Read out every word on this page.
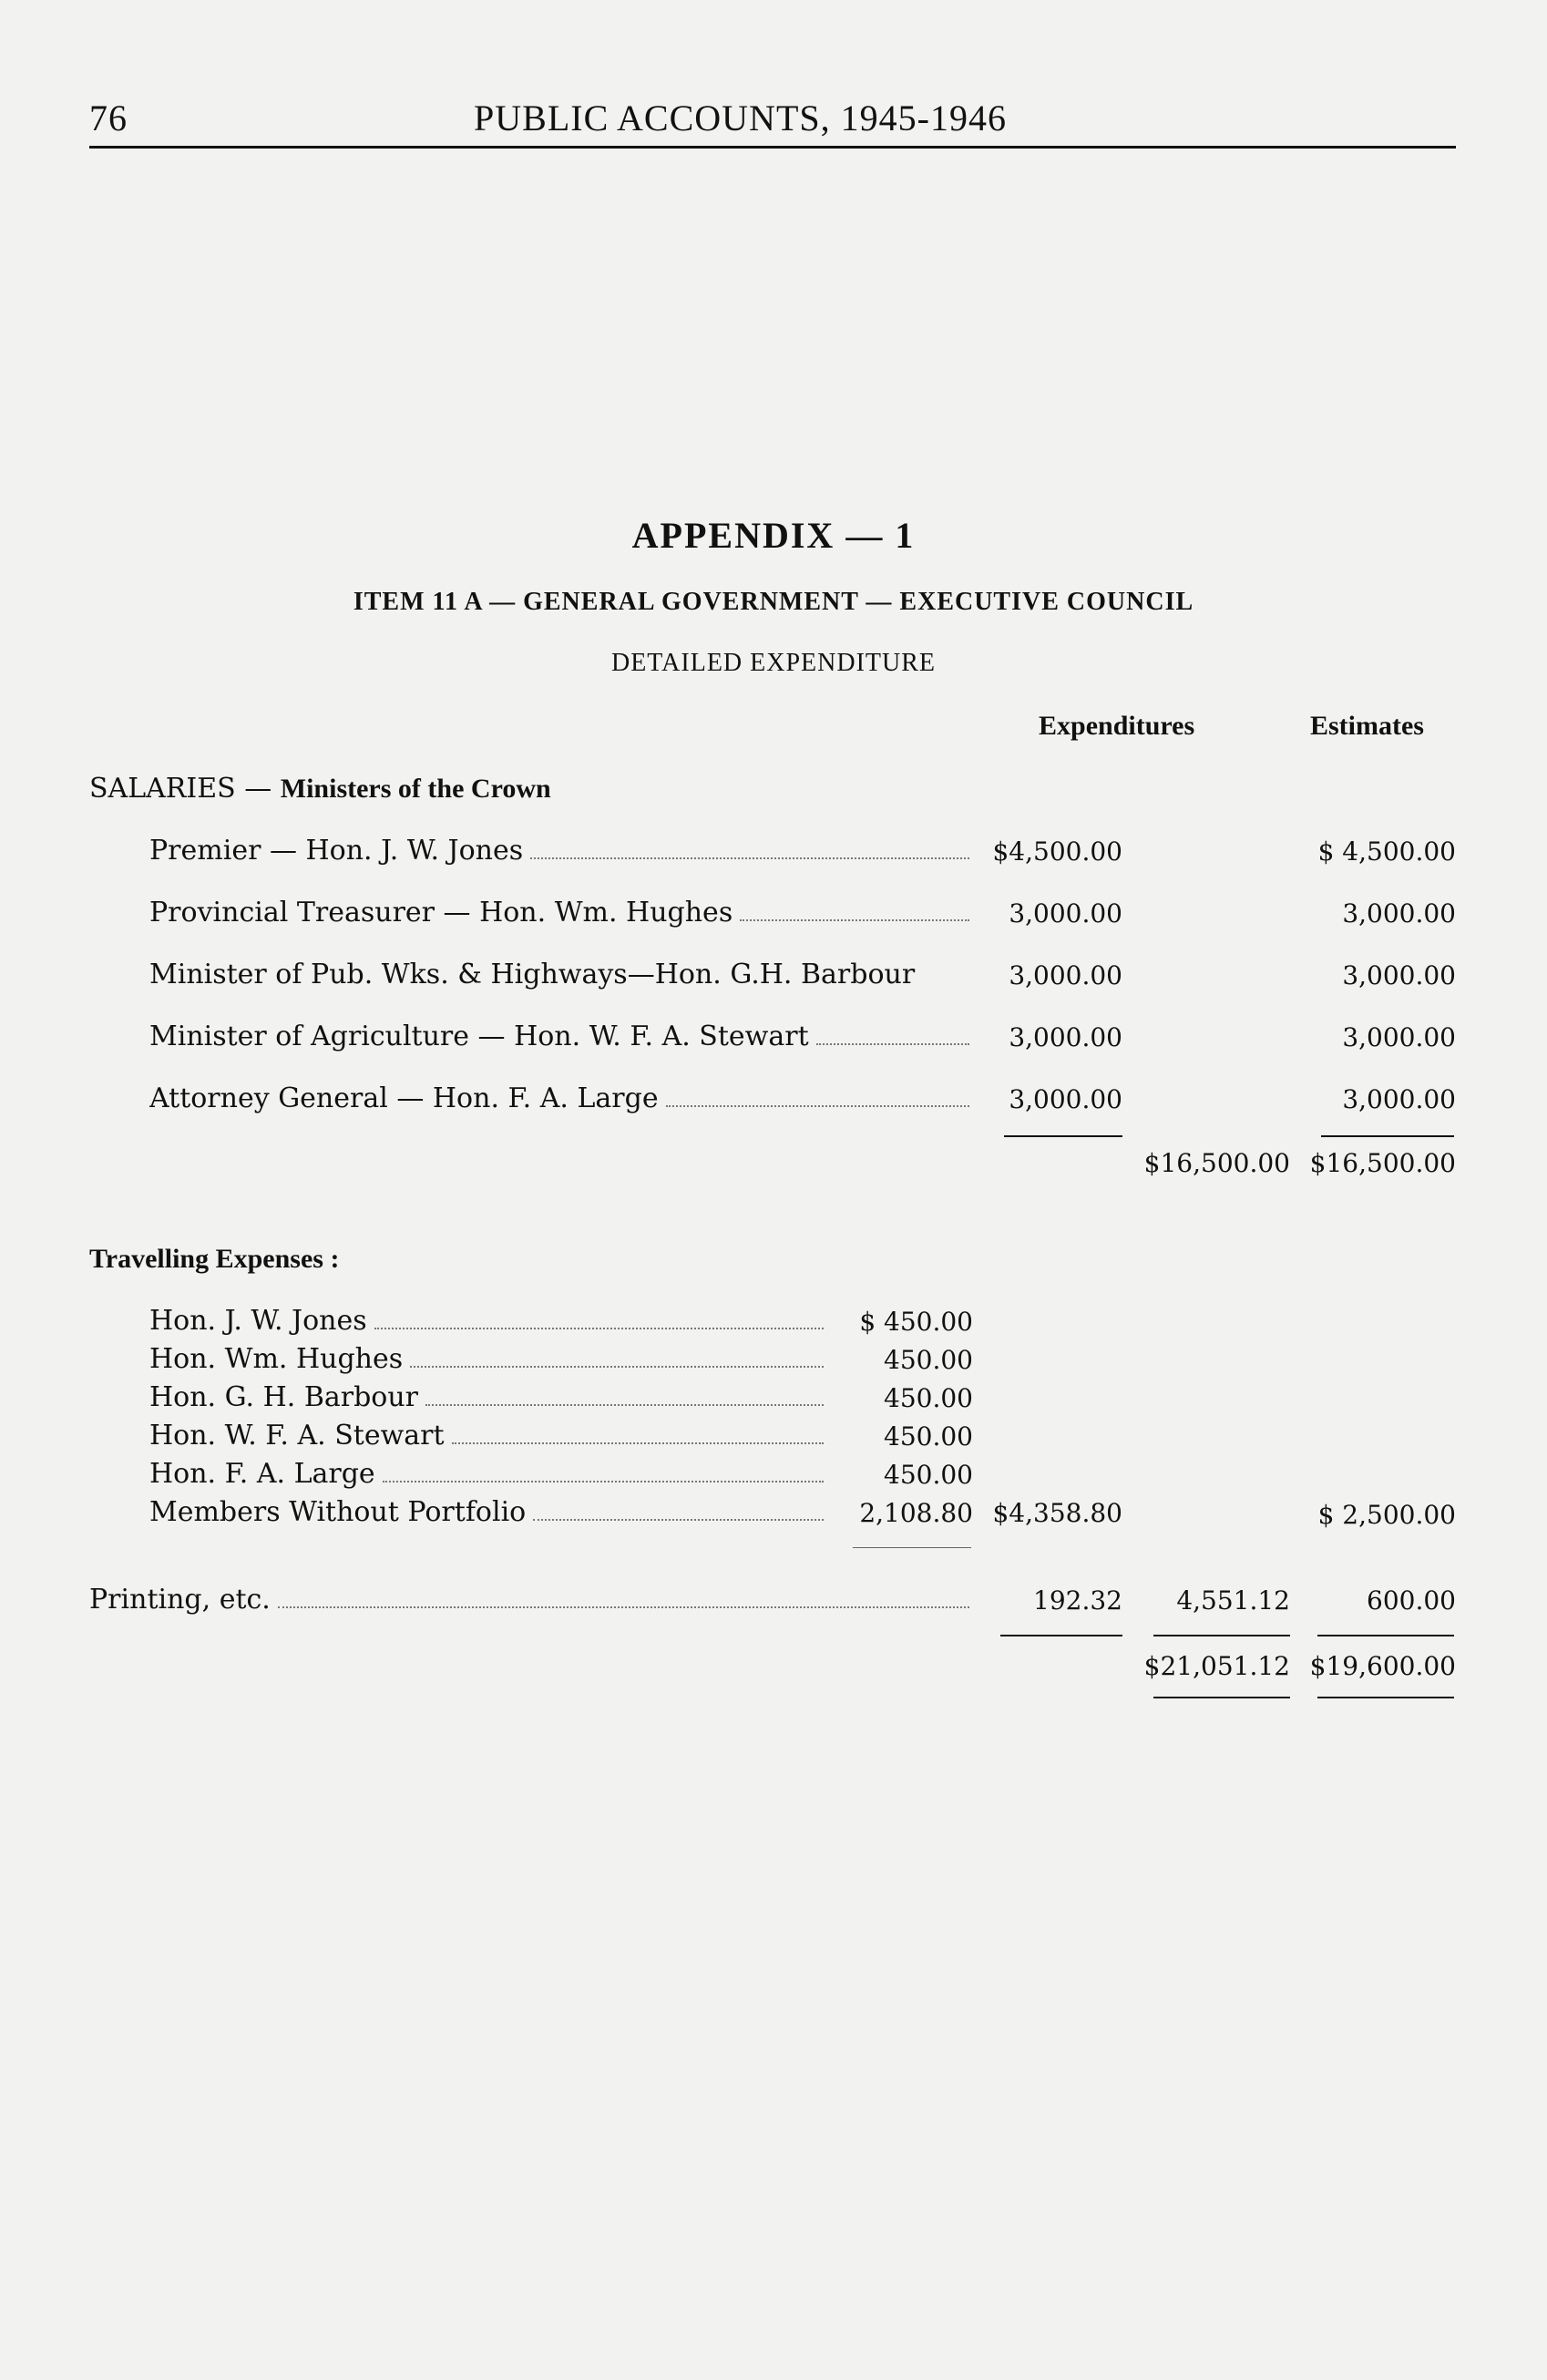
76	PUBLIC ACCOUNTS, 1945-1946
APPENDIX — 1
ITEM 11 A — GENERAL GOVERNMENT — EXECUTIVE COUNCIL
DETAILED EXPENDITURE
Expenditures	Estimates
SALARIES — Ministers of the Crown
Premier — Hon. J. W. Jones	$4,500.00	$ 4,500.00
Provincial Treasurer — Hon. Wm. Hughes	3,000.00	3,000.00
Minister of Pub. Wks. & Highways—Hon. G.H. Barbour	3,000.00	3,000.00
Minister of Agriculture — Hon. W. F. A. Stewart	3,000.00	3,000.00
Attorney General — Hon. F. A. Large	3,000.00	3,000.00
$16,500.00 $16,500.00
Travelling Expenses :
Hon. J. W. Jones	$ 450.00
Hon. Wm. Hughes	450.00
Hon. G. H. Barbour	450.00
Hon. W. F. A. Stewart	450.00
Hon. F. A. Large	450.00
Members Without Portfolio	2,108.80 $4,358.80	$ 2,500.00
Printing, etc.	192.32	4,551.12	600.00
$21,051.12 $19,600.00
